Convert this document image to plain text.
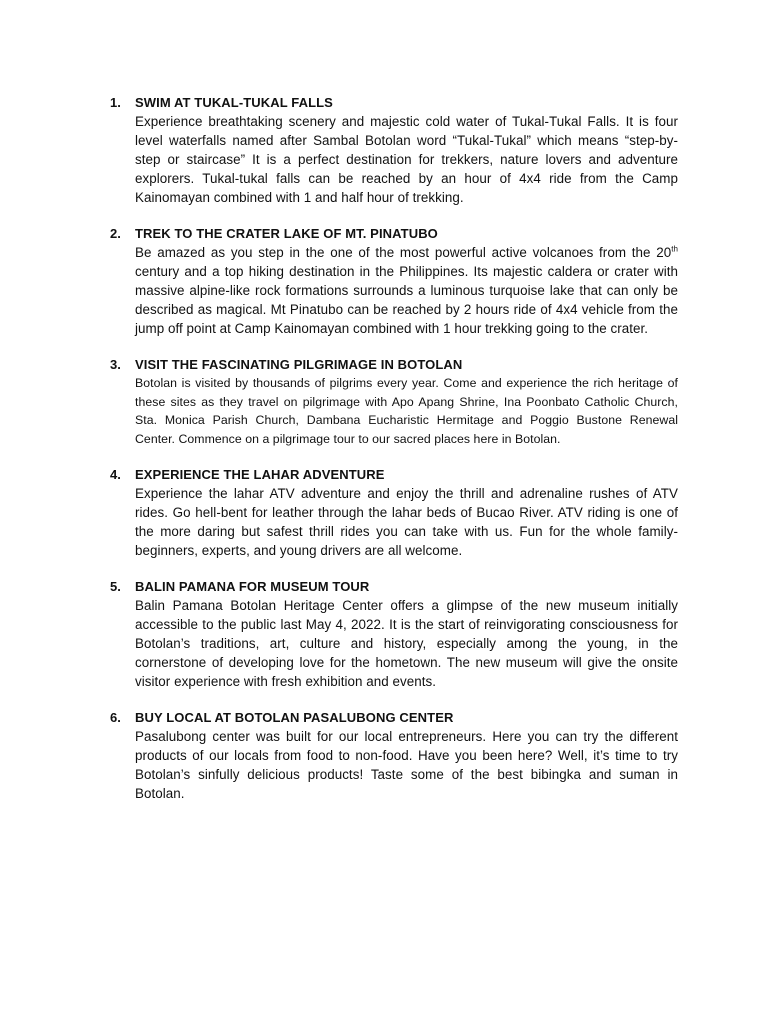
1. SWIM AT TUKAL-TUKAL FALLS
Experience breathtaking scenery and majestic cold water of Tukal-Tukal Falls. It is four level waterfalls named after Sambal Botolan word “Tukal-Tukal” which means “step-by-step or staircase” It is a perfect destination for trekkers, nature lovers and adventure explorers. Tukal-tukal falls can be reached by an hour of 4x4 ride from the Camp Kainomayan combined with 1 and half hour of trekking.
2. TREK TO THE CRATER LAKE OF MT. PINATUBO
Be amazed as you step in the one of the most powerful active volcanoes from the 20th century and a top hiking destination in the Philippines. Its majestic caldera or crater with massive alpine-like rock formations surrounds a luminous turquoise lake that can only be described as magical. Mt Pinatubo can be reached by 2 hours ride of 4x4 vehicle from the jump off point at Camp Kainomayan combined with 1 hour trekking going to the crater.
3. VISIT THE FASCINATING PILGRIMAGE IN BOTOLAN
Botolan is visited by thousands of pilgrims every year. Come and experience the rich heritage of these sites as they travel on pilgrimage with Apo Apang Shrine, Ina Poonbato Catholic Church, Sta. Monica Parish Church, Dambana Eucharistic Hermitage and Poggio Bustone Renewal Center. Commence on a pilgrimage tour to our sacred places here in Botolan.
4. EXPERIENCE THE LAHAR ADVENTURE
Experience the lahar ATV adventure and enjoy the thrill and adrenaline rushes of ATV rides. Go hell-bent for leather through the lahar beds of Bucao River. ATV riding is one of the more daring but safest thrill rides you can take with us. Fun for the whole family-beginners, experts, and young drivers are all welcome.
5. BALIN PAMANA FOR MUSEUM TOUR
Balin Pamana Botolan Heritage Center offers a glimpse of the new museum initially accessible to the public last May 4, 2022. It is the start of reinvigorating consciousness for Botolan’s traditions, art, culture and history, especially among the young, in the cornerstone of developing love for the hometown. The new museum will give the onsite visitor experience with fresh exhibition and events.
6. BUY LOCAL AT BOTOLAN PASALUBONG CENTER
Pasalubong center was built for our local entrepreneurs. Here you can try the different products of our locals from food to non-food. Have you been here? Well, it’s time to try Botolan’s sinfully delicious products! Taste some of the best bibingka and suman in Botolan.
